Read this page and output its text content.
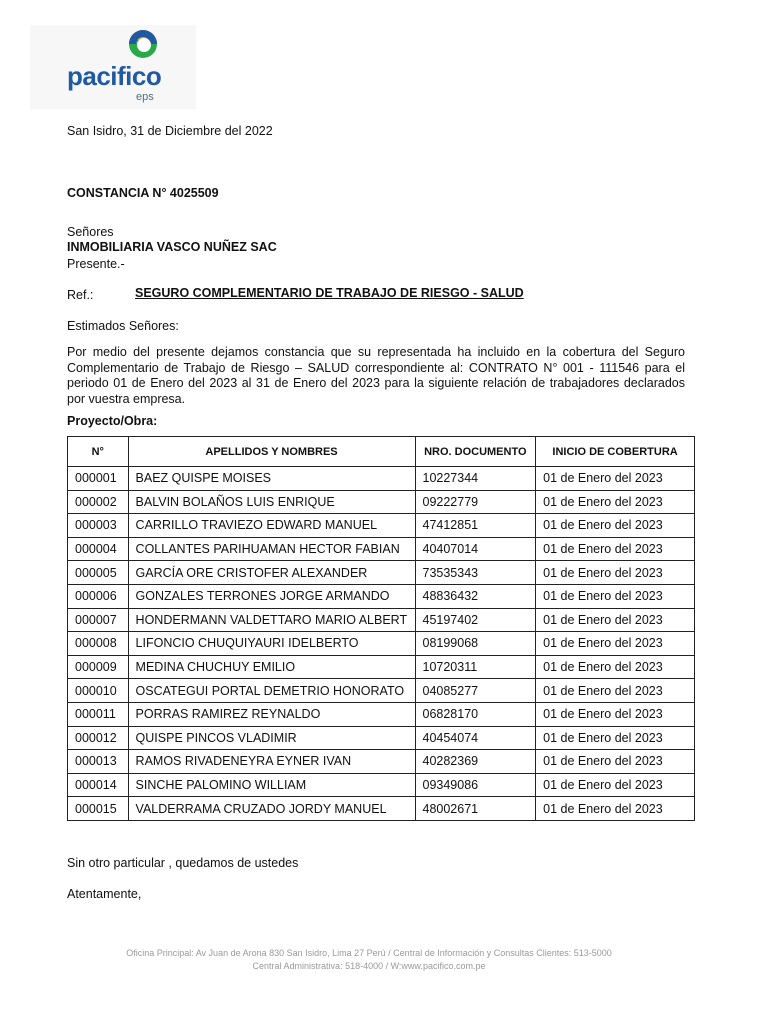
pacifico
eps
San Isidro, 31 de Diciembre del 2022
CONSTANCIA N° 4025509
Señores
INMOBILIARIA VASCO NUÑEZ SAC
Presente.-
Ref.:	SEGURO COMPLEMENTARIO DE TRABAJO DE RIESGO - SALUD
Estimados Señores:
Por medio del presente dejamos constancia que su representada ha incluido en la cobertura del Seguro Complementario de Trabajo de Riesgo – SALUD correspondiente al: CONTRATO N° 001 - 111546 para el periodo 01 de Enero del 2023 al 31 de Enero del 2023 para la siguiente relación de trabajadores declarados por vuestra empresa.
Proyecto/Obra:
N°	APELLIDOS Y NOMBRES	NRO. DOCUMENTO	INICIO DE COBERTURA
000001	BAEZ QUISPE MOISES	10227344	01 de Enero del 2023
000002	BALVIN BOLAÑOS LUIS ENRIQUE	09222779	01 de Enero del 2023
000003	CARRILLO TRAVIEZO EDWARD MANUEL	47412851	01 de Enero del 2023
000004	COLLANTES PARIHUAMAN HECTOR FABIAN	40407014	01 de Enero del 2023
000005	GARCÍA ORE CRISTOFER ALEXANDER	73535343	01 de Enero del 2023
000006	GONZALES TERRONES JORGE ARMANDO	48836432	01 de Enero del 2023
000007	HONDERMANN VALDETTARO MARIO ALBERT	45197402	01 de Enero del 2023
000008	LIFONCIO CHUQUIYAURI IDELBERTO	08199068	01 de Enero del 2023
000009	MEDINA CHUCHUY EMILIO	10720311	01 de Enero del 2023
000010	OSCATEGUI PORTAL DEMETRIO HONORATO	04085277	01 de Enero del 2023
000011	PORRAS RAMIREZ REYNALDO	06828170	01 de Enero del 2023
000012	QUISPE PINCOS VLADIMIR	40454074	01 de Enero del 2023
000013	RAMOS RIVADENEYRA EYNER IVAN	40282369	01 de Enero del 2023
000014	SINCHE PALOMINO WILLIAM	09349086	01 de Enero del 2023
000015	VALDERRAMA CRUZADO JORDY MANUEL	48002671	01 de Enero del 2023
Sin otro particular , quedamos de ustedes
Atentamente,
Oficina Principal: Av Juan de Arona 830 San Isidro, Lima 27 Perú / Central de Información y Consultas Clientes: 513-5000
Central Administrativa: 518-4000 / W:www.pacifico.com.pe
